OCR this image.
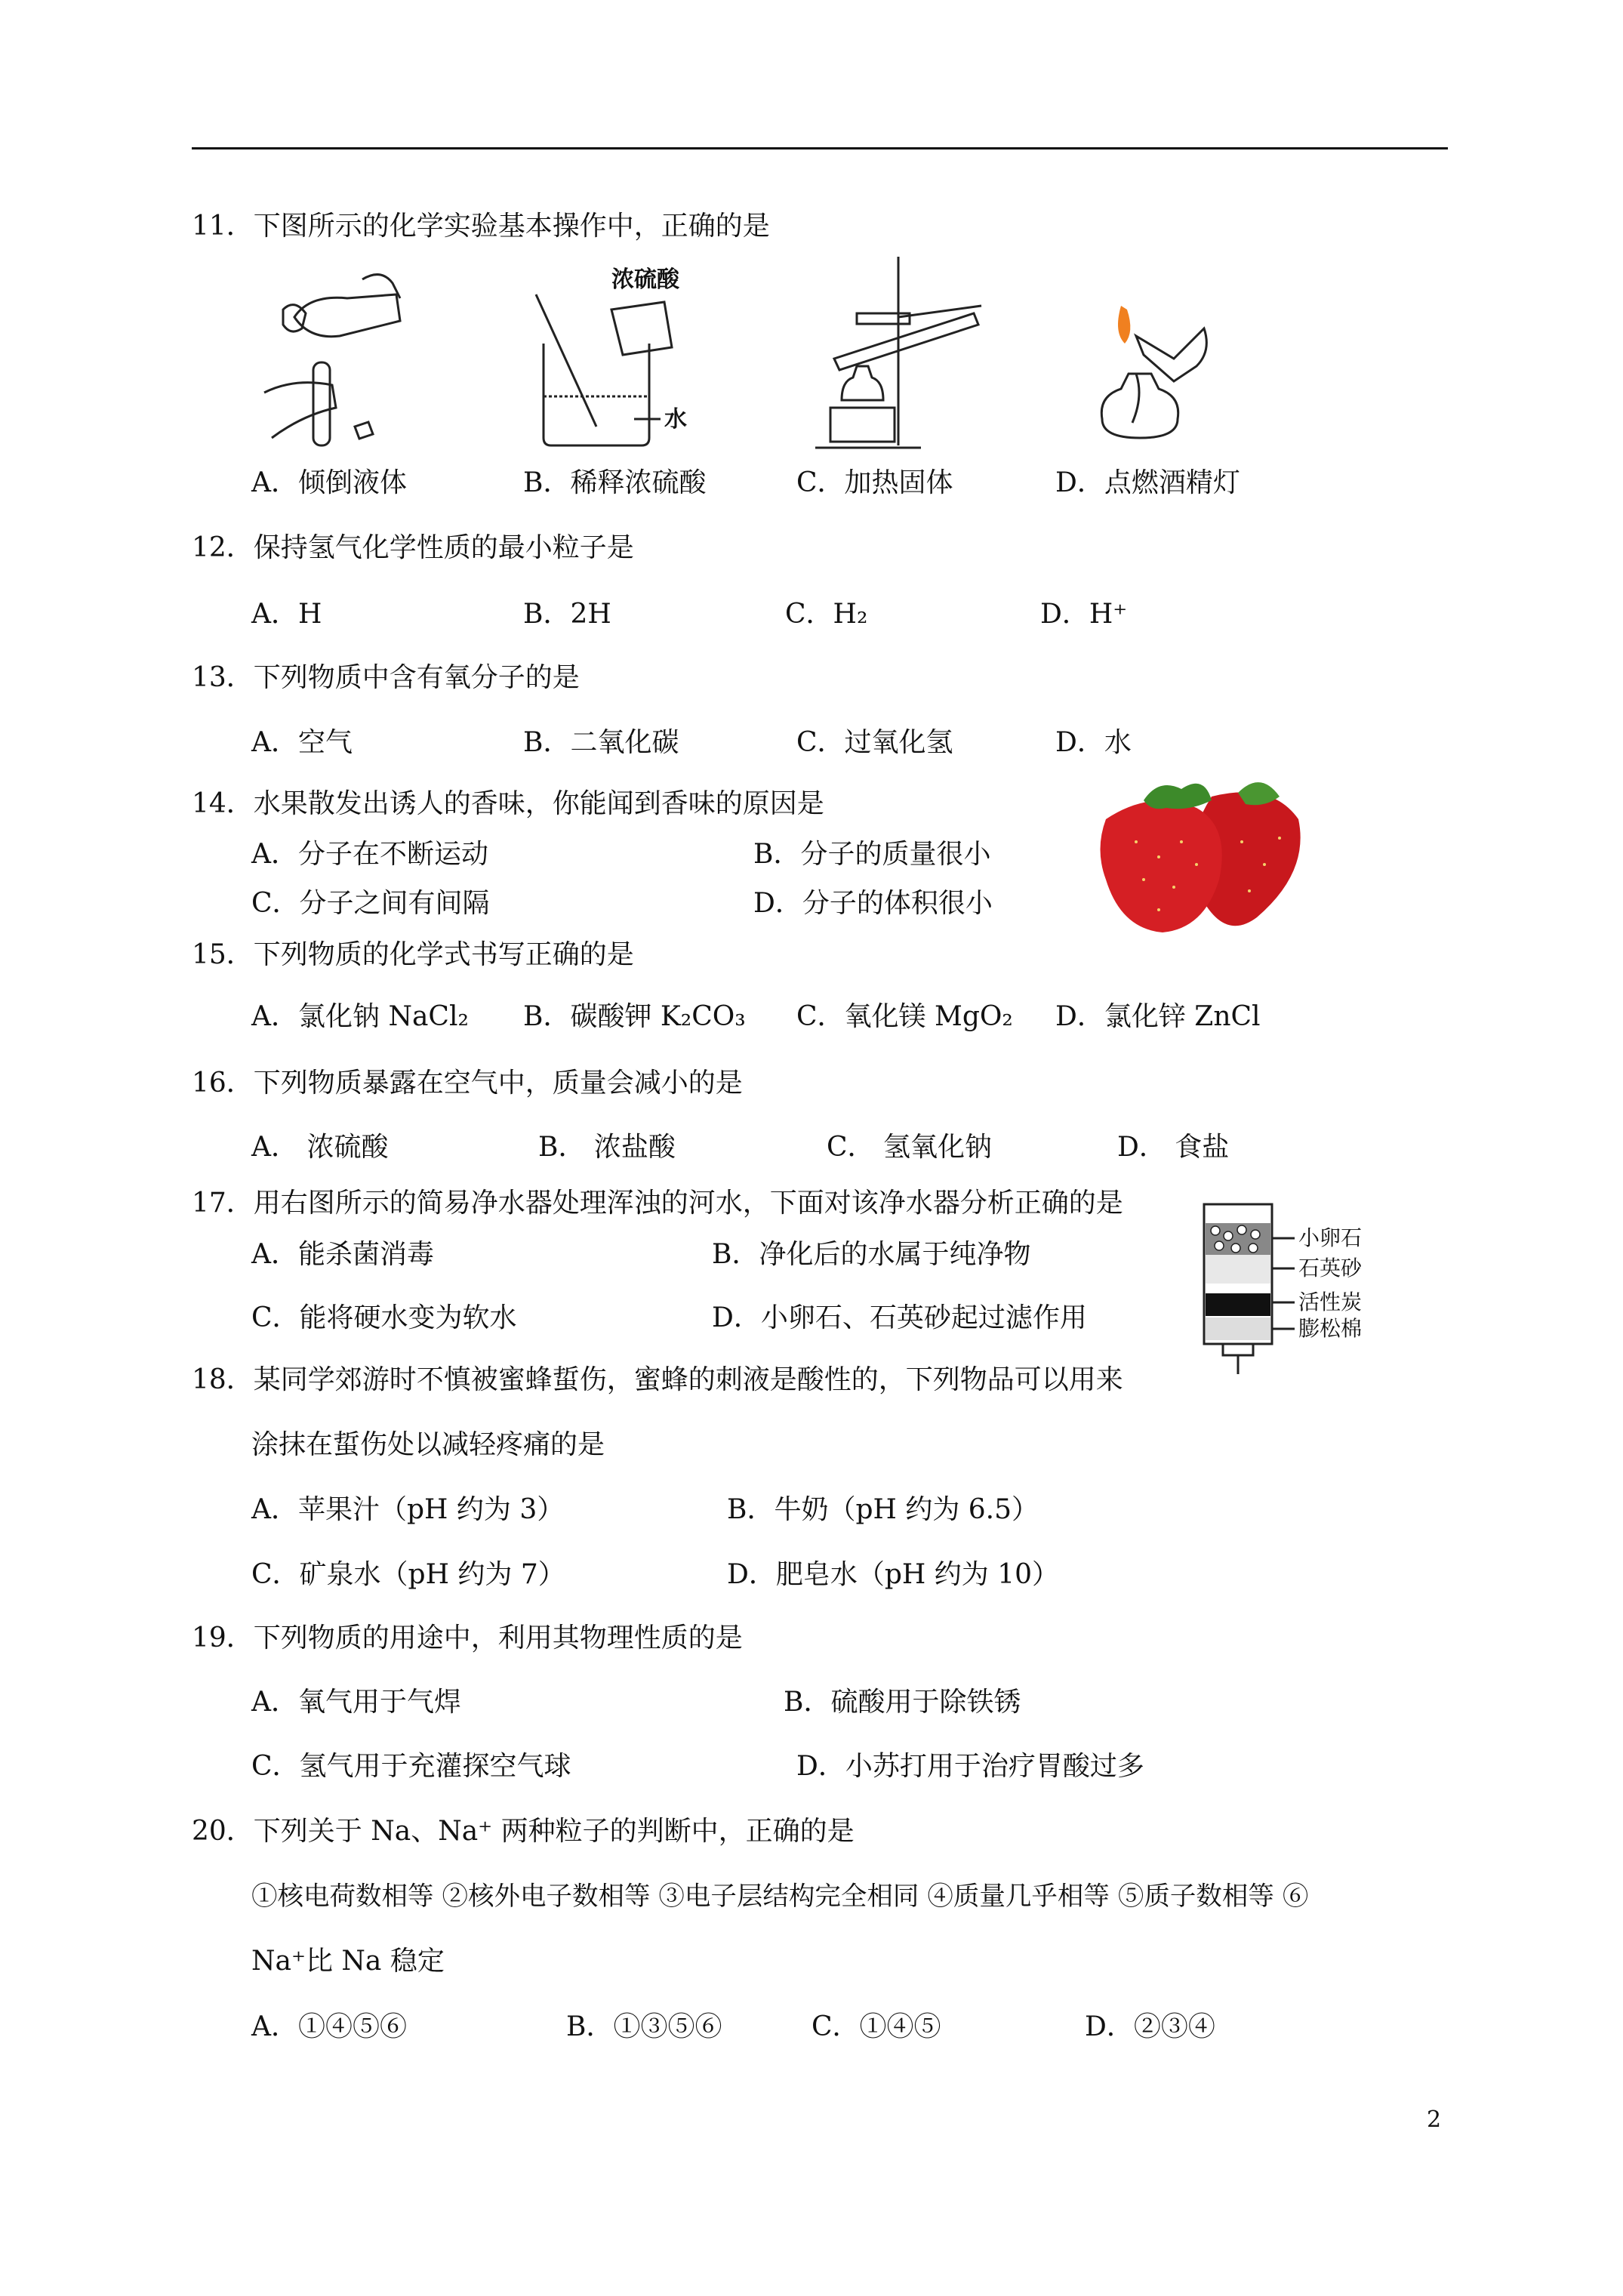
11．下图所示的化学实验基本操作中，正确的是
浓硫酸
水
A．倾倒液体	B．稀释浓硫酸	C．加热固体	D．点燃酒精灯
12．保持氢气化学性质的最小粒子是
A．H	B．2H	C．H₂	D．H⁺
13．下列物质中含有氧分子的是
A．空气	B．二氧化碳	C．过氧化氢	D．水
14．水果散发出诱人的香味，你能闻到香味的原因是
A．分子在不断运动	B．分子的质量很小
C．分子之间有间隔	D．分子的体积很小
15．下列物质的化学式书写正确的是
A．氯化钠 NaCl₂ B．碳酸钾 K₂CO₃ C．氧化镁 MgO₂ D．氯化锌 ZnCl
16．下列物质暴露在空气中，质量会减小的是
A． 浓硫酸	B． 浓盐酸	C． 氢氧化钠	D． 食盐
17．用右图所示的简易净水器处理浑浊的河水，下面对该净水器分析正确的是
A．能杀菌消毒	B．净化后的水属于纯净物
C．能将硬水变为软水	D．小卵石、石英砂起过滤作用
小卵石
石英砂
活性炭
膨松棉
18．某同学郊游时不慎被蜜蜂蜇伤，蜜蜂的刺液是酸性的，下列物品可以用来
涂抹在蜇伤处以减轻疼痛的是
A．苹果汁（pH 约为 3）	B．牛奶（pH 约为 6.5）
C．矿泉水（pH 约为 7）	D．肥皂水（pH 约为 10）
19．下列物质的用途中，利用其物理性质的是
A．氧气用于气焊	B．硫酸用于除铁锈
C．氢气用于充灌探空气球	D．小苏打用于治疗胃酸过多
20．下列关于 Na、Na⁺ 两种粒子的判断中，正确的是
①核电荷数相等 ②核外电子数相等 ③电子层结构完全相同 ④质量几乎相等 ⑤质子数相等 ⑥
Na⁺比 Na 稳定
A．①④⑤⑥	B．①③⑤⑥	C．①④⑤	D．②③④
2
